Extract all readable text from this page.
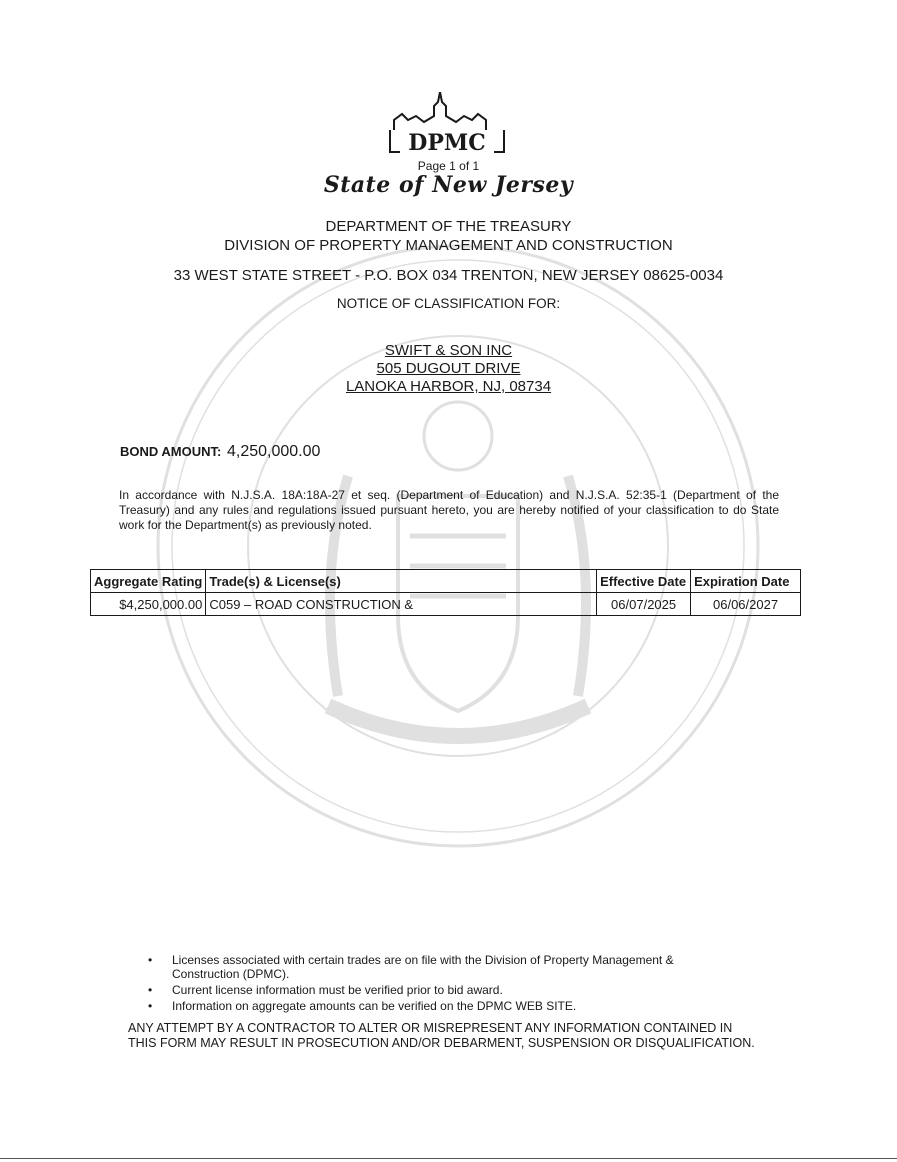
DPMC
Page 1 of 1
State of New Jersey
DEPARTMENT OF THE TREASURY
DIVISION OF PROPERTY MANAGEMENT AND CONSTRUCTION
33 WEST STATE STREET - P.O. BOX 034 TRENTON, NEW JERSEY 08625-0034
NOTICE OF CLASSIFICATION FOR:
SWIFT & SON INC
505 DUGOUT DRIVE
LANOKA HARBOR, NJ, 08734
BOND AMOUNT: 4,250,000.00
In accordance with N.J.S.A. 18A:18A-27 et seq. (Department of Education) and N.J.S.A. 52:35-1 (Department of the Treasury) and any rules and regulations issued pursuant hereto, you are hereby notified of your classification to do State work for the Department(s) as previously noted.
Aggregate Rating	Trade(s) & License(s)	Effective Date	Expiration Date
$4,250,000.00	C059 – ROAD CONSTRUCTION &	06/07/2025	06/06/2027
• Licenses associated with certain trades are on file with the Division of Property Management & Construction (DPMC).
• Current license information must be verified prior to bid award.
• Information on aggregate amounts can be verified on the DPMC WEB SITE.
ANY ATTEMPT BY A CONTRACTOR TO ALTER OR MISREPRESENT ANY INFORMATION CONTAINED IN THIS FORM MAY RESULT IN PROSECUTION AND/OR DEBARMENT, SUSPENSION OR DISQUALIFICATION.
